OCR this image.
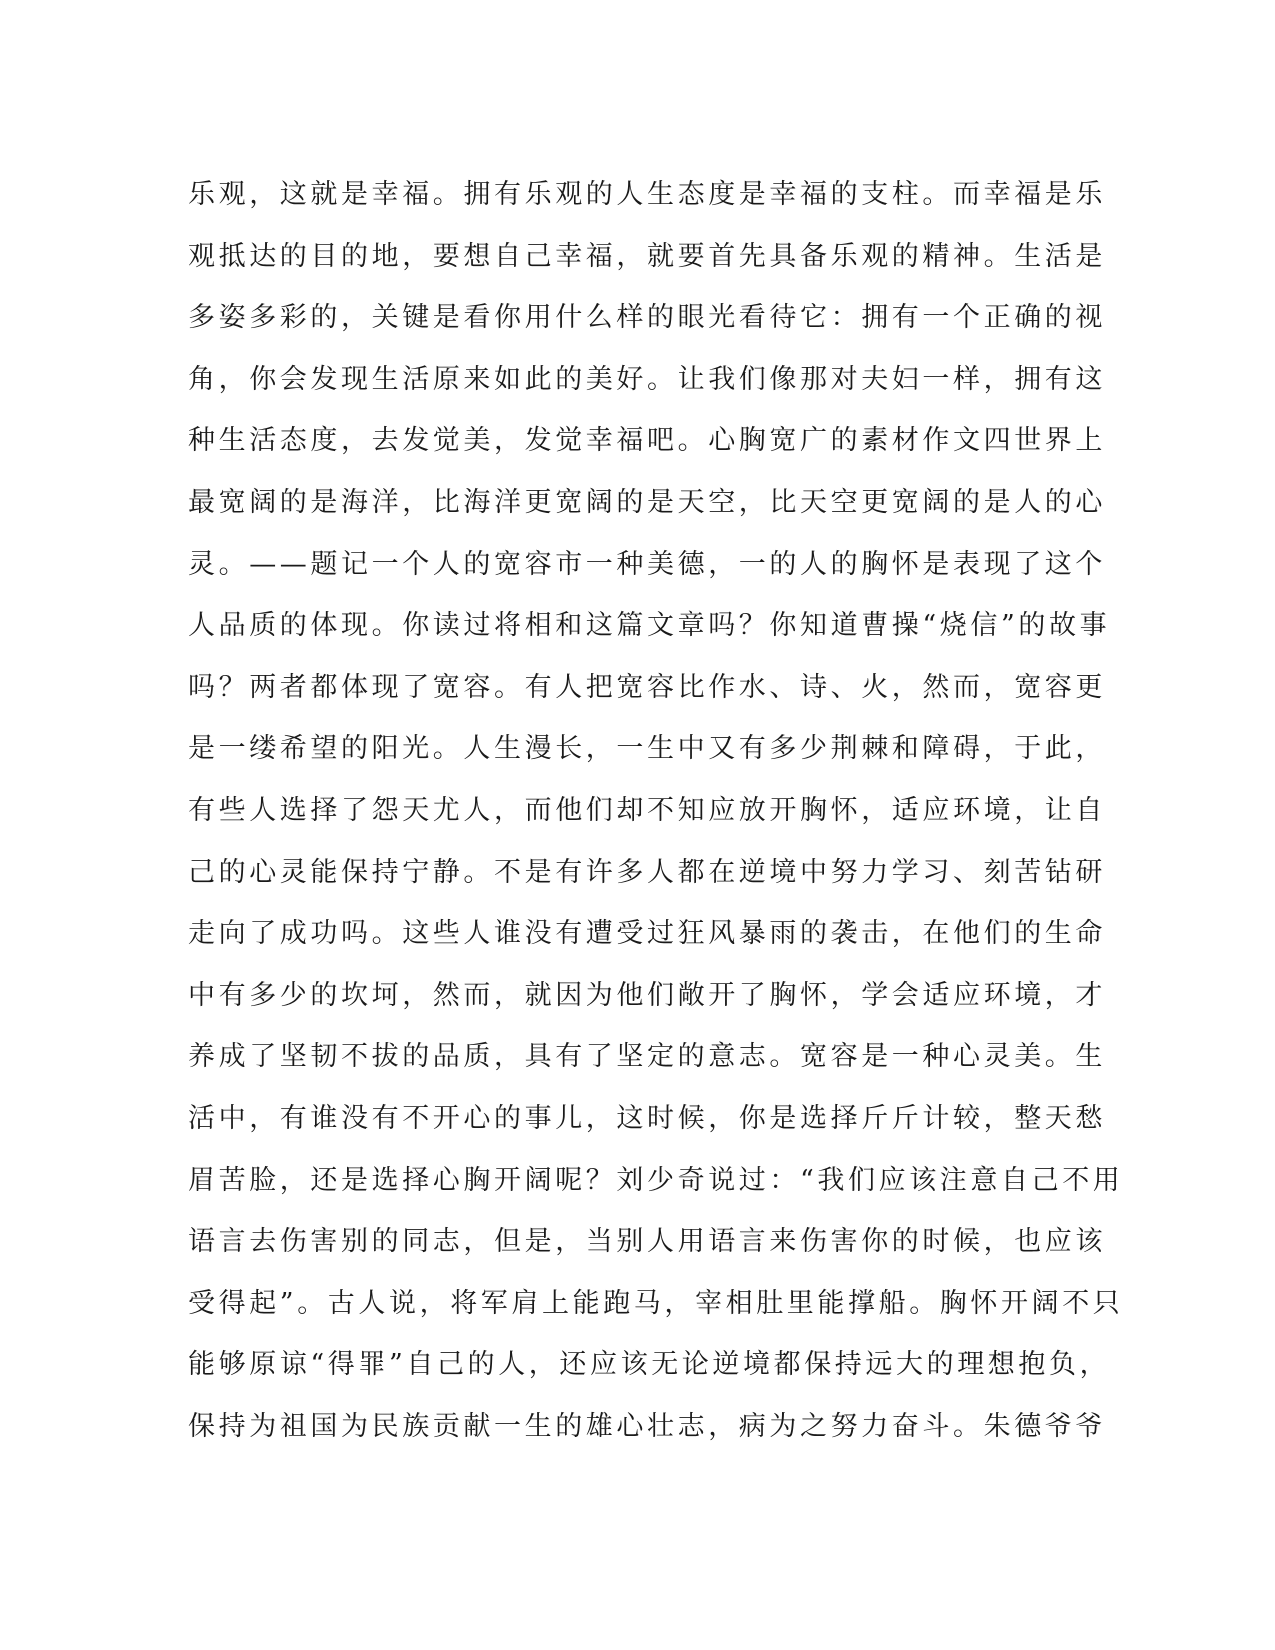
乐观，这就是幸福。拥有乐观的人生态度是幸福的支柱。而幸福是乐
观抵达的目的地，要想自己幸福，就要首先具备乐观的精神。生活是
多姿多彩的，关键是看你用什么样的眼光看待它：拥有一个正确的视
角，你会发现生活原来如此的美好。让我们像那对夫妇一样，拥有这
种生活态度，去发觉美，发觉幸福吧。心胸宽广的素材作文四世界上
最宽阔的是海洋，比海洋更宽阔的是天空，比天空更宽阔的是人的心
灵。——题记一个人的宽容市一种美德，一的人的胸怀是表现了这个
人品质的体现。你读过将相和这篇文章吗？你知道曹操“烧信”的故事
吗？两者都体现了宽容。有人把宽容比作水、诗、火，然而，宽容更
是一缕希望的阳光。人生漫长，一生中又有多少荆棘和障碍，于此，
有些人选择了怨天尤人，而他们却不知应放开胸怀，适应环境，让自
己的心灵能保持宁静。不是有许多人都在逆境中努力学习、刻苦钻研
走向了成功吗。这些人谁没有遭受过狂风暴雨的袭击，在他们的生命
中有多少的坎坷，然而，就因为他们敞开了胸怀，学会适应环境，才
养成了坚韧不拔的品质，具有了坚定的意志。宽容是一种心灵美。生
活中，有谁没有不开心的事儿，这时候，你是选择斤斤计较，整天愁
眉苦脸，还是选择心胸开阔呢？刘少奇说过：“我们应该注意自己不用
语言去伤害别的同志，但是，当别人用语言来伤害你的时候，也应该
受得起”。古人说，将军肩上能跑马，宰相肚里能撑船。胸怀开阔不只
能够原谅“得罪”自己的人，还应该无论逆境都保持远大的理想抱负，
保持为祖国为民族贡献一生的雄心壮志，病为之努力奋斗。朱德爷爷
